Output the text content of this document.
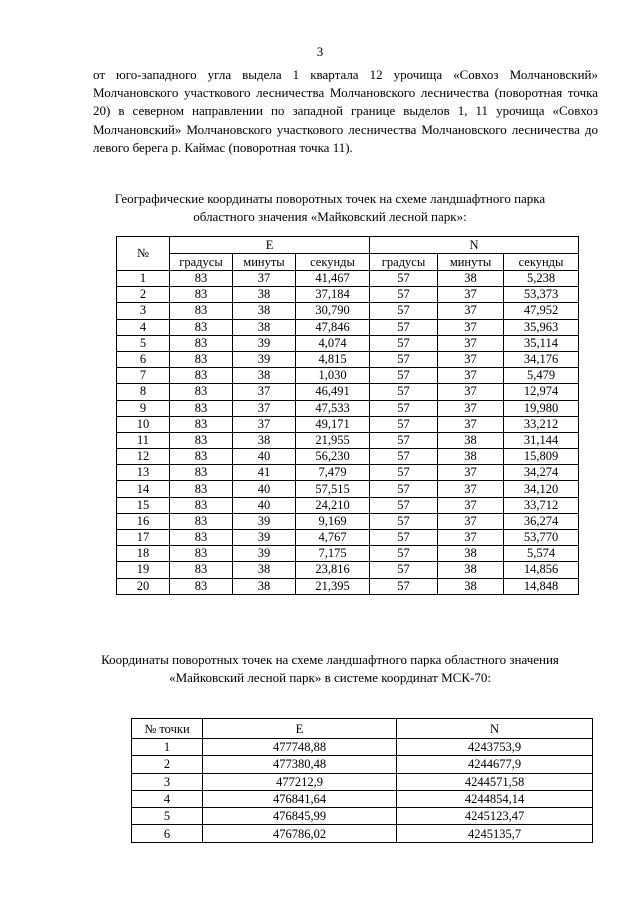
3

от юго-западного угла выдела 1 квартала 12 урочища «Совхоз Молчановский» Молчановского участкового лесничества Молчановского лесничества (поворотная точка 20) в северном направлении по западной границе выделов 1, 11 урочища «Совхоз Молчановский» Молчановского участкового лесничества Молчановского лесничества до левого берега р. Каймас (поворотная точка 11).

Географические координаты поворотных точек на схеме ландшафтного парка областного значения «Майковский лесной парк»:

№	E			N		
	градусы	минуты	секунды	градусы	минуты	секунды
1	83	37	41,467	57	38	5,238
2	83	38	37,184	57	37	53,373
3	83	38	30,790	57	37	47,952
4	83	38	47,846	57	37	35,963
5	83	39	4,074	57	37	35,114
6	83	39	4,815	57	37	34,176
7	83	38	1,030	57	37	5,479
8	83	37	46,491	57	37	12,974
9	83	37	47,533	57	37	19,980
10	83	37	49,171	57	37	33,212
11	83	38	21,955	57	38	31,144
12	83	40	56,230	57	38	15,809
13	83	41	7,479	57	37	34,274
14	83	40	57,515	57	37	34,120
15	83	40	24,210	57	37	33,712
16	83	39	9,169	57	37	36,274
17	83	39	4,767	57	37	53,770
18	83	39	7,175	57	38	5,574
19	83	38	23,816	57	38	14,856
20	83	38	21,395	57	38	14,848

Координаты поворотных точек на схеме ландшафтного парка областного значения «Майковский лесной парк» в системе координат МСК-70:

№ точки	E	N
1	477748,88	4243753,9
2	477380,48	4244677,9
3	477212,9	4244571,58
4	476841,64	4244854,14
5	476845,99	4245123,47
6	476786,02	4245135,7
